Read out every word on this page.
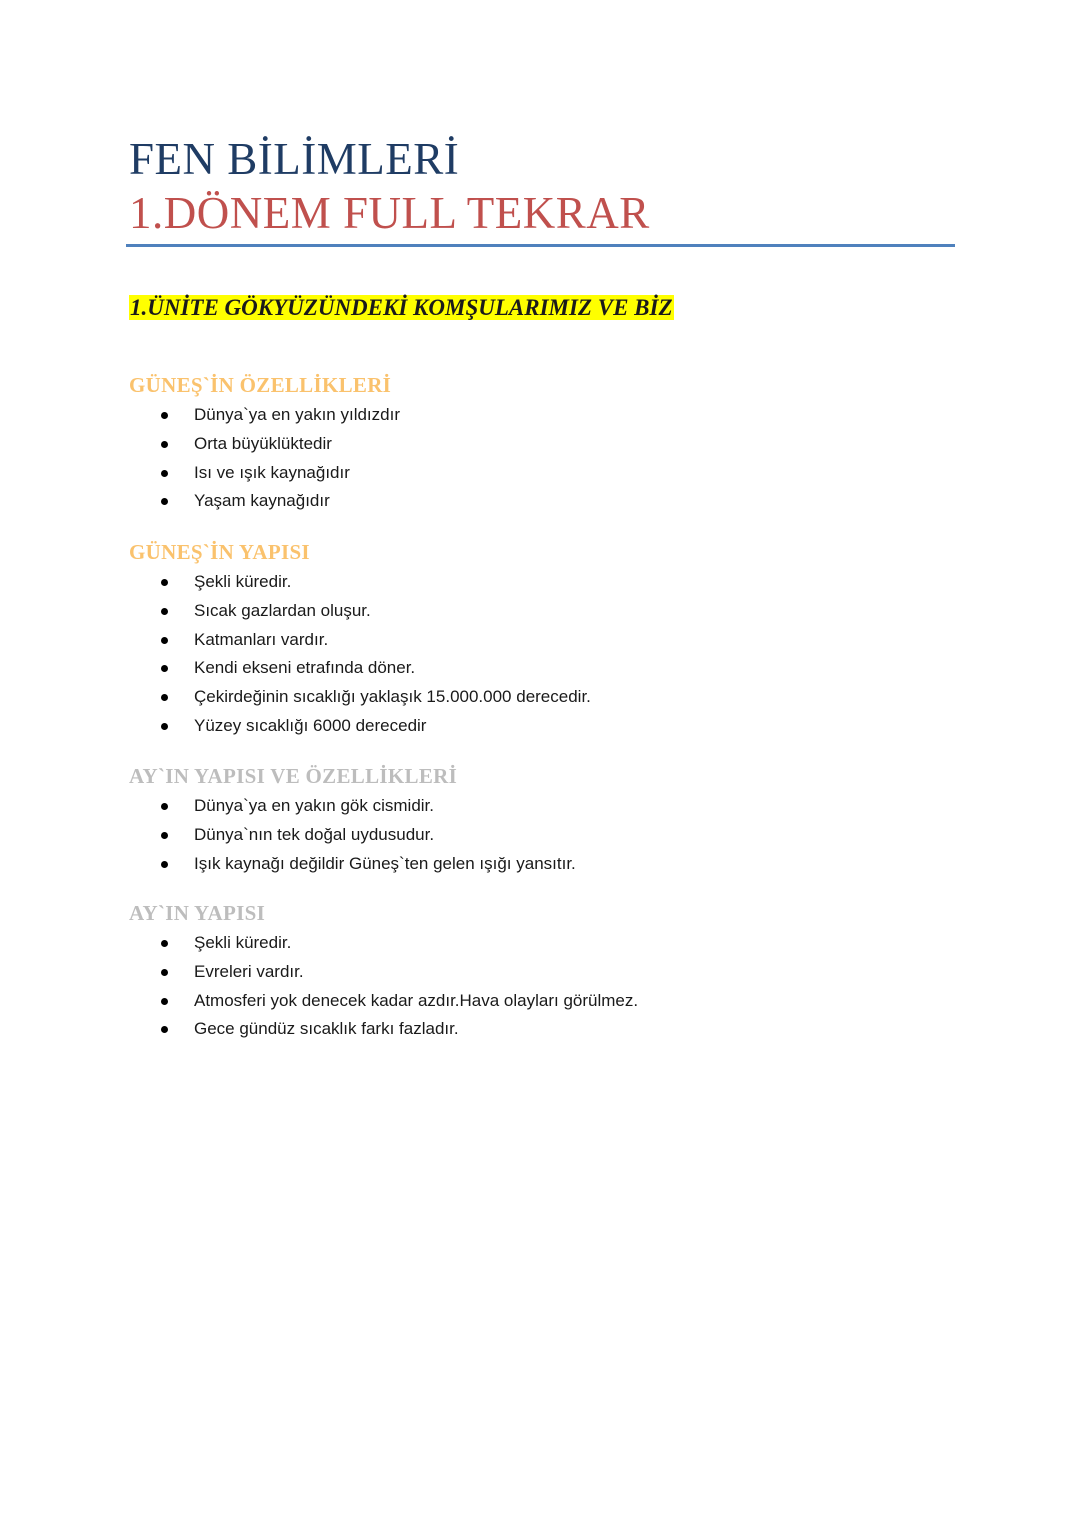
FEN BİLİMLERİ
1.DÖNEM FULL TEKRAR
1.ÜNİTE GÖKYÜZÜNDEKİ KOMŞULARIMIZ VE BİZ
GÜNEŞ`İN ÖZELLİKLERİ
Dünya`ya en yakın yıldızdır
Orta büyüklüktedir
Isı ve ışık kaynağıdır
Yaşam kaynağıdır
GÜNEŞ`İN YAPISI
Şekli küredir.
Sıcak gazlardan oluşur.
Katmanları vardır.
Kendi ekseni etrafında döner.
Çekirdeğinin sıcaklığı yaklaşık 15.000.000 derecedir.
Yüzey sıcaklığı 6000 derecedir
AY`IN YAPISI VE ÖZELLİKLERİ
Dünya`ya en yakın gök cismidir.
Dünya`nın tek doğal uydusudur.
Işık kaynağı değildir Güneş`ten gelen ışığı yansıtır.
AY`IN YAPISI
Şekli küredir.
Evreleri vardır.
Atmosferi yok denecek kadar azdır.Hava olayları görülmez.
Gece gündüz sıcaklık farkı fazladır.
